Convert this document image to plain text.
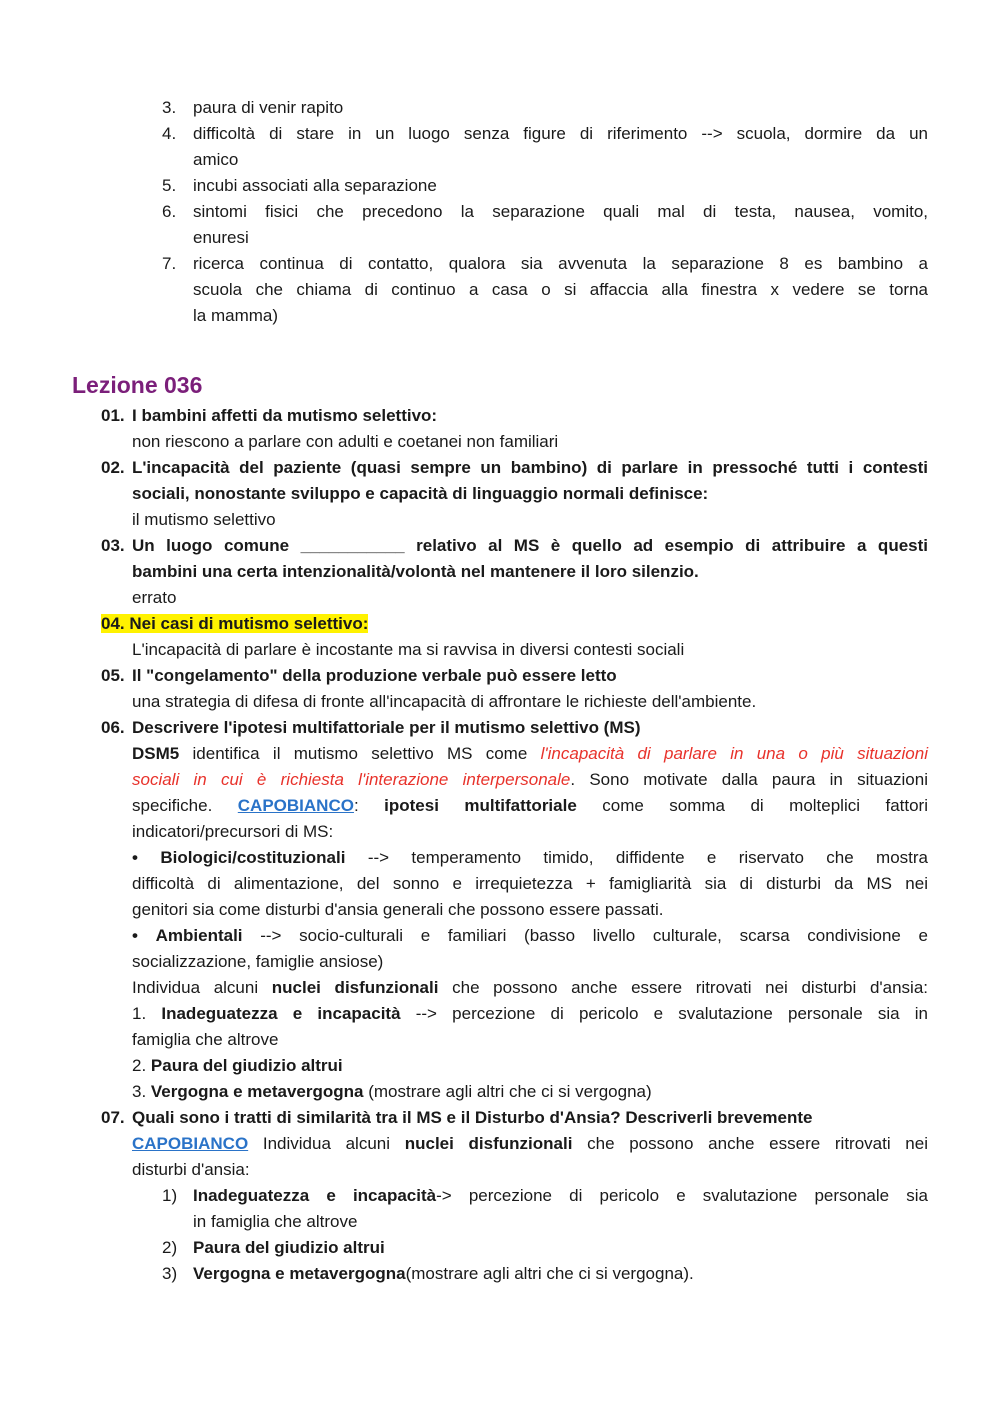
3. paura di venir rapito
4. difficoltà di stare in un luogo senza figure di riferimento --> scuola, dormire da un
amico
5. incubi associati alla separazione
6. sintomi fisici che precedono la separazione quali mal di testa, nausea, vomito,
enuresi
7. ricerca continua di contatto, qualora sia avvenuta la separazione 8 es bambino a
scuola che chiama di continuo a casa o si affaccia alla finestra x vedere se torna
la mamma)
Lezione 036
01. I bambini affetti da mutismo selettivo:
non riescono a parlare con adulti e coetanei non familiari
02. L'incapacità del paziente (quasi sempre un bambino) di parlare in pressoché tutti i contesti
sociali, nonostante sviluppo e capacità di linguaggio normali definisce:
il mutismo selettivo
03. Un luogo comune ___________ relativo al MS è quello ad esempio di attribuire a questi
bambini una certa intenzionalità/volontà nel mantenere il loro silenzio.
errato
04. Nei casi di mutismo selettivo:
L'incapacità di parlare è incostante ma si ravvisa in diversi contesti sociali
05. Il "congelamento" della produzione verbale può essere letto
una strategia di difesa di fronte all'incapacità di affrontare le richieste dell'ambiente.
06. Descrivere l'ipotesi multifattoriale per il mutismo selettivo (MS)
DSM5 identifica il mutismo selettivo MS come l'incapacità di parlare in una o più situazioni
sociali in cui è richiesta l'interazione interpersonale. Sono motivate dalla paura in situazioni
specifiche. CAPOBIANCO: ipotesi multifattoriale come somma di molteplici fattori
indicatori/precursori di MS:
• Biologici/costituzionali --> temperamento timido, diffidente e riservato che mostra
difficoltà di alimentazione, del sonno e irrequietezza + famigliarità sia di disturbi da MS nei
genitori sia come disturbi d'ansia generali che possono essere passati.
• Ambientali --> socio-culturali e familiari (basso livello culturale, scarsa condivisione e
socializzazione, famiglie ansiose)
Individua alcuni nuclei disfunzionali che possono anche essere ritrovati nei disturbi d'ansia:
1. Inadeguatezza e incapacità --> percezione di pericolo e svalutazione personale sia in
famiglia che altrove
2. Paura del giudizio altrui
3. Vergogna e metavergogna (mostrare agli altri che ci si vergogna)
07. Quali sono i tratti di similarità tra il MS e il Disturbo d'Ansia? Descriverli brevemente
CAPOBIANCO Individua alcuni nuclei disfunzionali che possono anche essere ritrovati nei
disturbi d'ansia:
1) Inadeguatezza e incapacità-> percezione di pericolo e svalutazione personale sia
in famiglia che altrove
2) Paura del giudizio altrui
3) Vergogna e metavergogna(mostrare agli altri che ci si vergogna).
